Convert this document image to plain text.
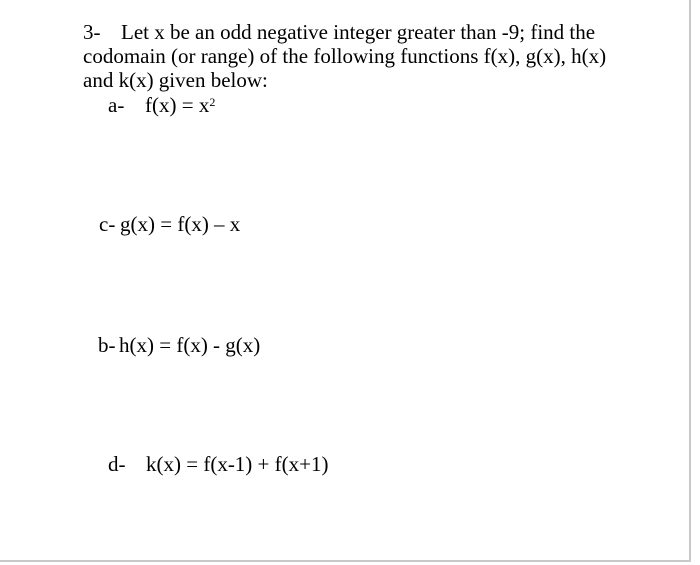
3- Let x be an odd negative integer greater than -9; find the
codomain (or range) of the following functions f(x), g(x), h(x)
and k(x) given below:
a- $f(x) = x^2$
c- g(x) = f(x) – x
b- h(x) = f(x) - g(x)
d- k(x) = f(x-1) + f(x+1)
